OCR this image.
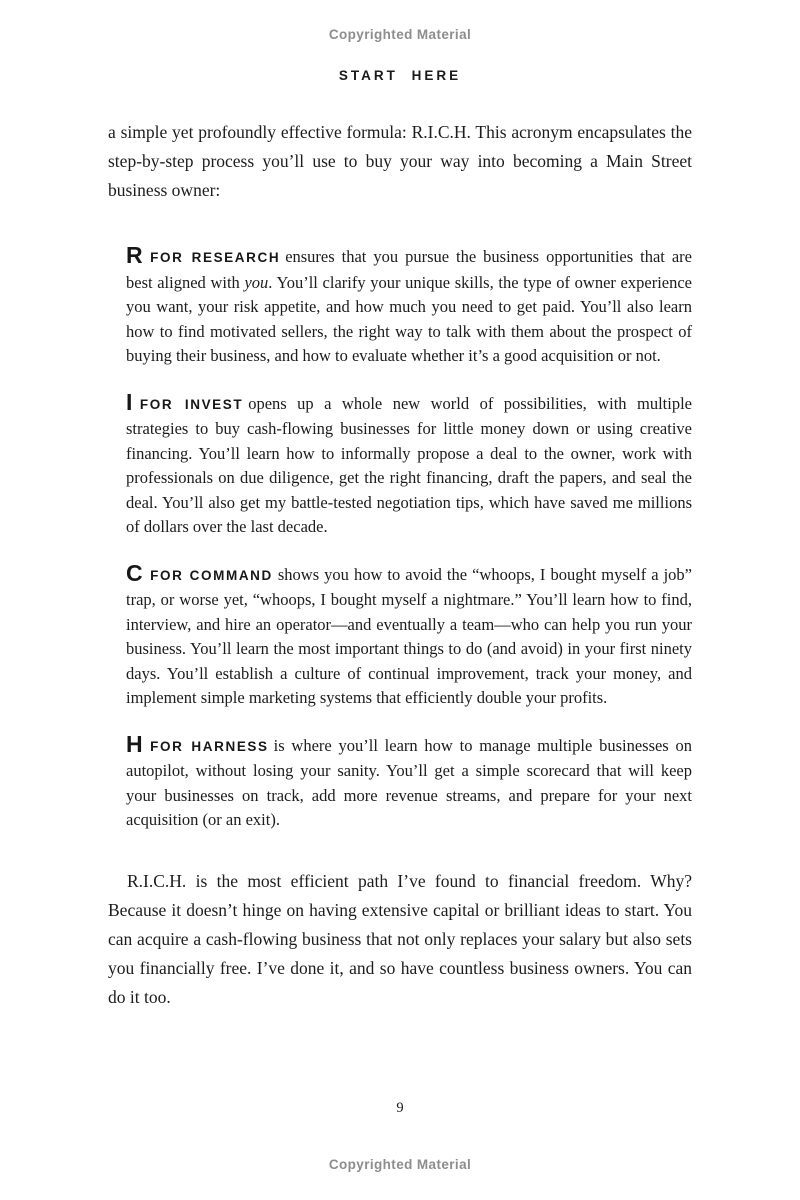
Copyrighted Material
START HERE

a simple yet profoundly effective formula: R.I.C.H. This acronym encapsulates the step-by-step process you’ll use to buy your way into becoming a Main Street business owner:

RFOR RESEARCH ensures that you pursue the business opportunities that are best aligned with you. You’ll clarify your unique skills, the type of owner experience you want, your risk appetite, and how much you need to get paid. You’ll also learn how to find motivated sellers, the right way to talk with them about the prospect of buying their business, and how to evaluate whether it’s a good acquisition or not.

IFOR INVEST opens up a whole new world of possibilities, with multiple strategies to buy cash-flowing businesses for little money down or using creative financing. You’ll learn how to informally propose a deal to the owner, work with professionals on due diligence, get the right financing, draft the papers, and seal the deal. You’ll also get my battle-tested negotiation tips, which have saved me millions of dollars over the last decade.

CFOR COMMAND shows you how to avoid the “whoops, I bought myself a job” trap, or worse yet, “whoops, I bought myself a nightmare.” You’ll learn how to find, interview, and hire an operator—and eventually a team—who can help you run your business. You’ll learn the most important things to do (and avoid) in your first ninety days. You’ll establish a culture of continual improvement, track your money, and implement simple marketing systems that efficiently double your profits.

HFOR HARNESS is where you’ll learn how to manage multiple businesses on autopilot, without losing your sanity. You’ll get a simple scorecard that will keep your businesses on track, add more revenue streams, and prepare for your next acquisition (or an exit).

R.I.C.H. is the most efficient path I’ve found to financial freedom. Why? Because it doesn’t hinge on having extensive capital or brilliant ideas to start. You can acquire a cash-flowing business that not only replaces your salary but also sets you financially free. I’ve done it, and so have countless business owners. You can do it too.

9
Copyrighted Material
